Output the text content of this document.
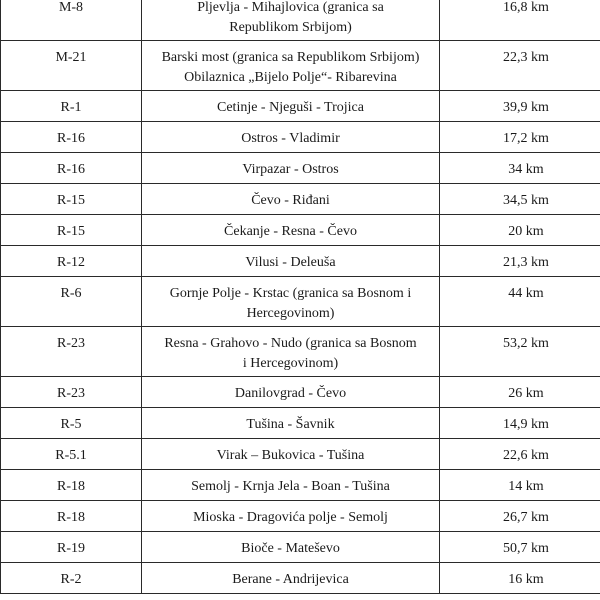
M-8	Pljevlja - Mihajlovica (granica sa
Republikom Srbijom)	16,8 km	

M-21	Barski most (granica sa Republikom Srbijom)
Obilaznica „Bijelo Polje“- Ribarevina	22,3 km	

R-1	Cetinje - Njeguši - Trojica	39,9 km	

R-16	Ostros - Vladimir	17,2 km	

R-16	Virpazar - Ostros	34 km	

R-15	Čevo - Riđani	34,5 km	

R-15	Čekanje - Resna - Čevo	20 km	

R-12	Vilusi - Deleuša	21,3 km	

R-6	Gornje Polje - Krstac (granica sa Bosnom i
Hercegovinom)	44 km	

R-23	Resna - Grahovo - Nudo (granica sa Bosnom
i Hercegovinom)	53,2 km	

R-23	Danilovgrad - Čevo	26 km	

R-5	Tušina - Šavnik	14,9 km	

R-5.1	Virak – Bukovica - Tušina	22,6 km	

R-18	Semolj - Krnja Jela - Boan - Tušina	14 km	

R-18	Mioska - Dragovića polje - Semolj	26,7 km	

R-19	Bioče - Mateševo	50,7 km	

R-2	Berane - Andrijevica	16 km	
